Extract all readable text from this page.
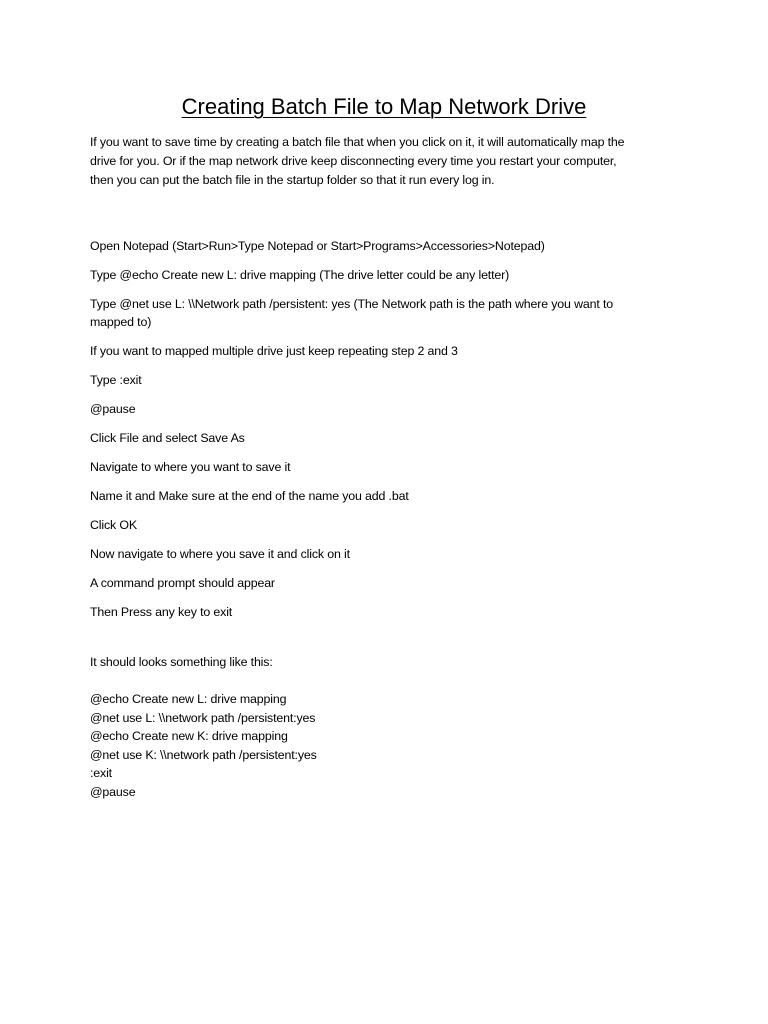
Creating Batch File to Map Network Drive

If you want to save time by creating a batch file that when you click on it, it will automatically map the

drive for you. Or if the map network drive keep disconnecting every time you restart your computer,

then you can put the batch file in the startup folder so that it run every log in.

Open Notepad (Start>Run>Type Notepad or Start>Programs>Accessories>Notepad)

Type @echo Create new L: drive mapping (The drive letter could be any letter)

Type @net use L: \\Network path /persistent: yes (The Network path is the path where you want to
mapped to)

If you want to mapped multiple drive just keep repeating step 2 and 3

Type :exit

@pause

Click File and select Save As

Navigate to where you want to save it

Name it and Make sure at the end of the name you add .bat

Click OK

Now navigate to where you save it and click on it

A command prompt should appear

Then Press any key to exit

It should looks something like this:

@echo Create new L: drive mapping

@net use L: \\network path /persistent:yes

@echo Create new K: drive mapping

@net use K: \\network path /persistent:yes

:exit

@pause
